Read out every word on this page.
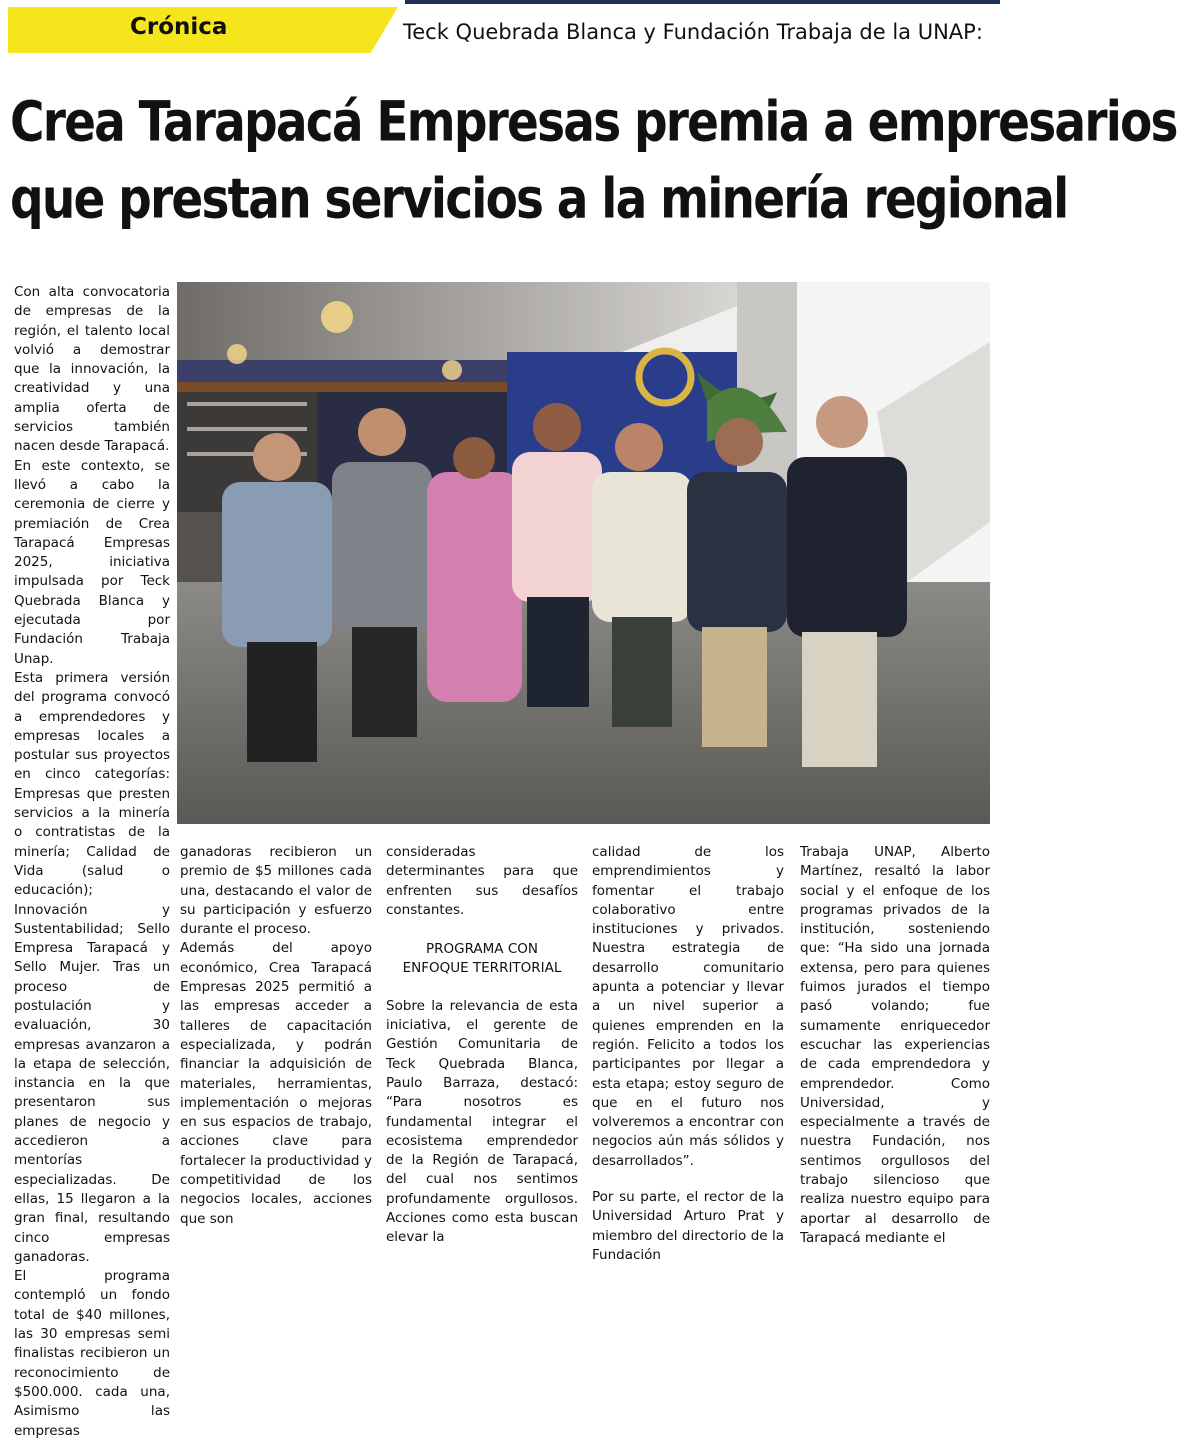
Crónica	Teck Quebrada Blanca y Fundación Trabaja de la UNAP:
Crea Tarapacá Empresas premia a empresarios
que prestan servicios a la minería regional

Con alta convocatoria de empresas de la región, el talento local volvió a demostrar que la innovación, la creatividad y una amplia oferta de servicios también nacen desde Tarapacá.

En este contexto, se llevó a cabo la ceremonia de cierre y premiación de Crea Tarapacá Empresas 2025, iniciativa impulsada por Teck Quebrada Blanca y ejecutada por Fundación Trabaja Unap.

Esta primera versión del programa convocó a emprendedores y empresas locales a postular sus proyectos en cinco categorías: Empresas que presten servicios a la minería o contratistas de la minería; Calidad de Vida (salud o educación); Innovación y Sustentabilidad; Sello Empresa Tarapacá y Sello Mujer. Tras un proceso de postulación y evaluación, 30 empresas avanzaron a la etapa de selección, instancia en la que presentaron sus planes de negocio y accedieron a mentorías especializadas. De ellas, 15 llegaron a la gran final, resultando cinco empresas ganadoras.

El programa contempló un fondo total de $40 millones, las 30 empresas semi finalistas recibieron un reconocimiento de $500.000. cada una, Asimismo las empresas

ganadoras recibieron un premio de $5 millones cada una, destacando el valor de su participación y esfuerzo durante el proceso.

Además del apoyo económico, Crea Tarapacá Empresas 2025 permitió a las empresas acceder a talleres de capacitación especializada, y podrán financiar la adquisición de materiales, herramientas, implementación o mejoras en sus espacios de trabajo, acciones clave para fortalecer la productividad y competitividad de los negocios locales, acciones que son

consideradas determinantes para que enfrenten sus desafíos constantes.

PROGRAMA CON
ENFOQUE TERRITORIAL

Sobre la relevancia de esta iniciativa, el gerente de Gestión Comunitaria de Teck Quebrada Blanca, Paulo Barraza, destacó: “Para nosotros es fundamental integrar el ecosistema emprendedor de la Región de Tarapacá, del cual nos sentimos profundamente orgullosos. Acciones como esta buscan elevar la

calidad de los emprendimientos y fomentar el trabajo colaborativo entre instituciones y privados. Nuestra estrategia de desarrollo comunitario apunta a potenciar y llevar a un nivel superior a quienes emprenden en la región. Felicito a todos los participantes por llegar a esta etapa; estoy seguro de que en el futuro nos volveremos a encontrar con negocios aún más sólidos y desarrollados”.

Por su parte, el rector de la Universidad Arturo Prat y miembro del directorio de la Fundación

Trabaja UNAP, Alberto Martínez, resaltó la labor social y el enfoque de los programas privados de la institución, sosteniendo que: “Ha sido una jornada extensa, pero para quienes fuimos jurados el tiempo pasó volando; fue sumamente enriquecedor escuchar las experiencias de cada emprendedora y emprendedor. Como Universidad, y especialmente a través de nuestra Fundación, nos sentimos orgullosos del trabajo silencioso que realiza nuestro equipo para aportar al desarrollo de Tarapacá mediante el
